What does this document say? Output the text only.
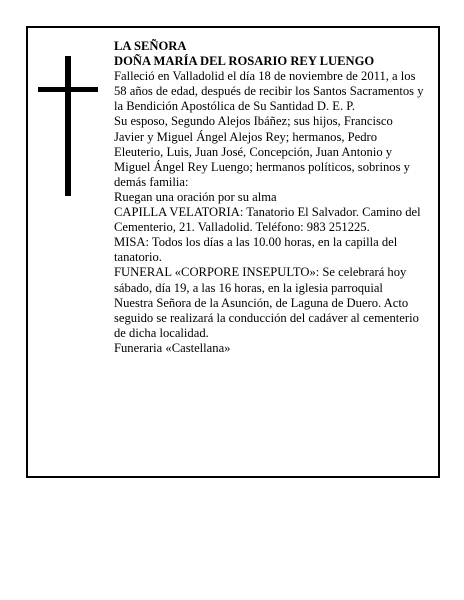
LA SEÑORA

DOÑA MARÍA DEL ROSARIO REY LUENGO

Falleció en Valladolid el día 18 de noviembre de 2011, a los 58 años de edad, después de recibir los Santos Sacramentos y la Bendición Apostólica de Su Santidad D. E. P.

Su esposo, Segundo Alejos Ibáñez; sus hijos, Francisco Javier y Miguel Ángel Alejos Rey; hermanos, Pedro Eleuterio, Luis, Juan José, Concepción, Juan Antonio y Miguel Ángel Rey Luengo; hermanos políticos, sobrinos y demás familia:

Ruegan una oración por su alma

CAPILLA VELATORIA: Tanatorio El Salvador. Camino del Cementerio, 21. Valladolid. Teléfono: 983 251225.

MISA: Todos los días a las 10.00 horas, en la capilla del tanatorio.

FUNERAL «CORPORE INSEPULTO»: Se celebrará hoy sábado, día 19, a las 16 horas, en la iglesia parroquial Nuestra Señora de la Asunción, de Laguna de Duero. Acto seguido se realizará la conducción del cadáver al cementerio de dicha localidad.

Funeraria «Castellana»
